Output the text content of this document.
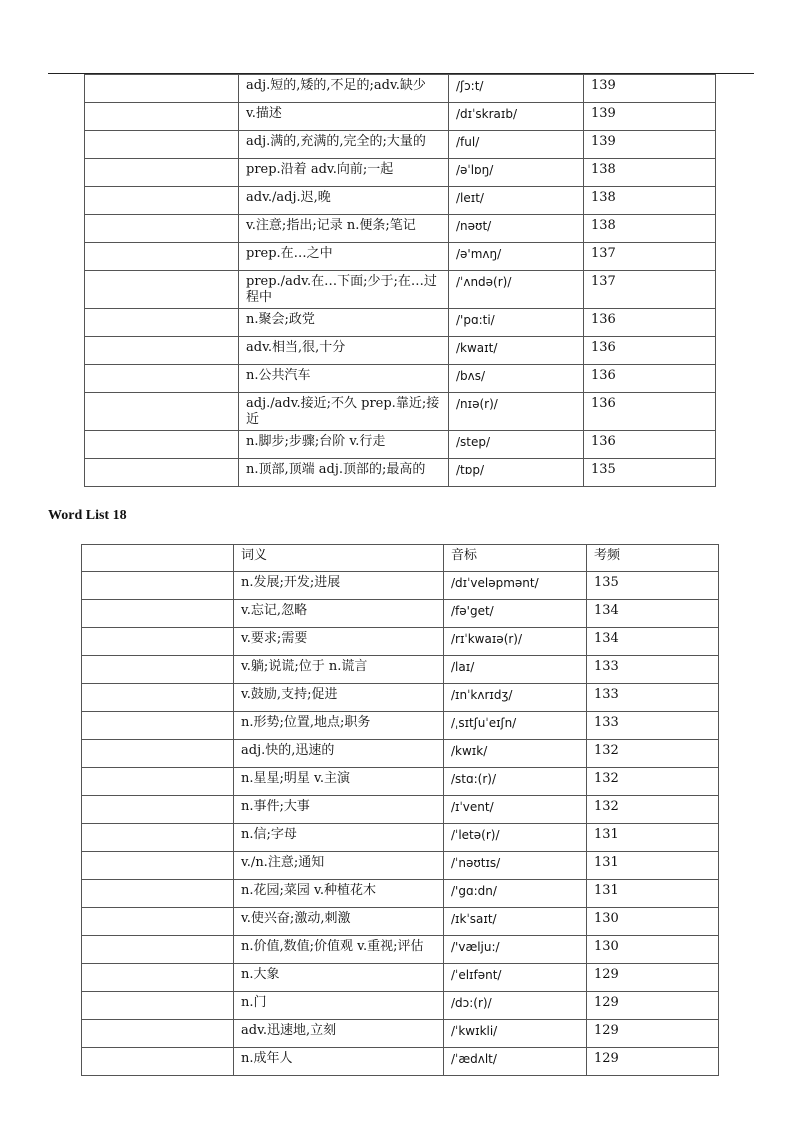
	adj.短的,矮的,不足的;adv.缺少	/ʃɔ:t/	139
	v.描述	/dɪˈskraɪb/	139
	adj.满的,充满的,完全的;大量的	/ful/	139
	prep.沿着 adv.向前;一起	/əˈlɒŋ/	138
	adv./adj.迟,晚	/leɪt/	138
	v.注意;指出;记录 n.便条;笔记	/nəʊt/	138
	prep.在…之中	/ə'mʌŋ/	137
	prep./adv.在…下面;少于;在…过程中	/ˈʌndə(r)/	137
	n.聚会;政党	/'pɑ:ti/	136
	adv.相当,很,十分	/kwaɪt/	136
	n.公共汽车	/bʌs/	136
	adj./adv.接近;不久 prep.靠近;接近	/nɪə(r)/	136
	n.脚步;步骤;台阶 v.行走	/step/	136
	n.顶部,顶端 adj.顶部的;最高的	/tɒp/	135
Word List 18
	词义	音标	考频
	n.发展;开发;进展	/dɪˈveləpmənt/	135
	v.忘记,忽略	/fə'get/	134
	v.要求;需要	/rɪˈkwaɪə(r)/	134
	v.躺;说谎;位于 n.谎言	/laɪ/	133
	v.鼓励,支持;促进	/ɪnˈkʌrɪdʒ/	133
	n.形势;位置,地点;职务	/ˌsɪtʃuˈeɪʃn/	133
	adj.快的,迅速的	/kwɪk/	132
	n.星星;明星 v.主演	/stɑ:(r)/	132
	n.事件;大事	/ɪˈvent/	132
	n.信;字母	/ˈletə(r)/	131
	v./n.注意;通知	/ˈnəʊtɪs/	131
	n.花园;菜园 v.种植花木	/'gɑ:dn/	131
	v.使兴奋;激动,刺激	/ɪkˈsaɪt/	130
	n.价值,数值;价值观 v.重视;评估	/'vælju:/	130
	n.大象	/ˈelɪfənt/	129
	n.门	/dɔ:(r)/	129
	adv.迅速地,立刻	/ˈkwɪkli/	129
	n.成年人	/ˈædʌlt/	129
